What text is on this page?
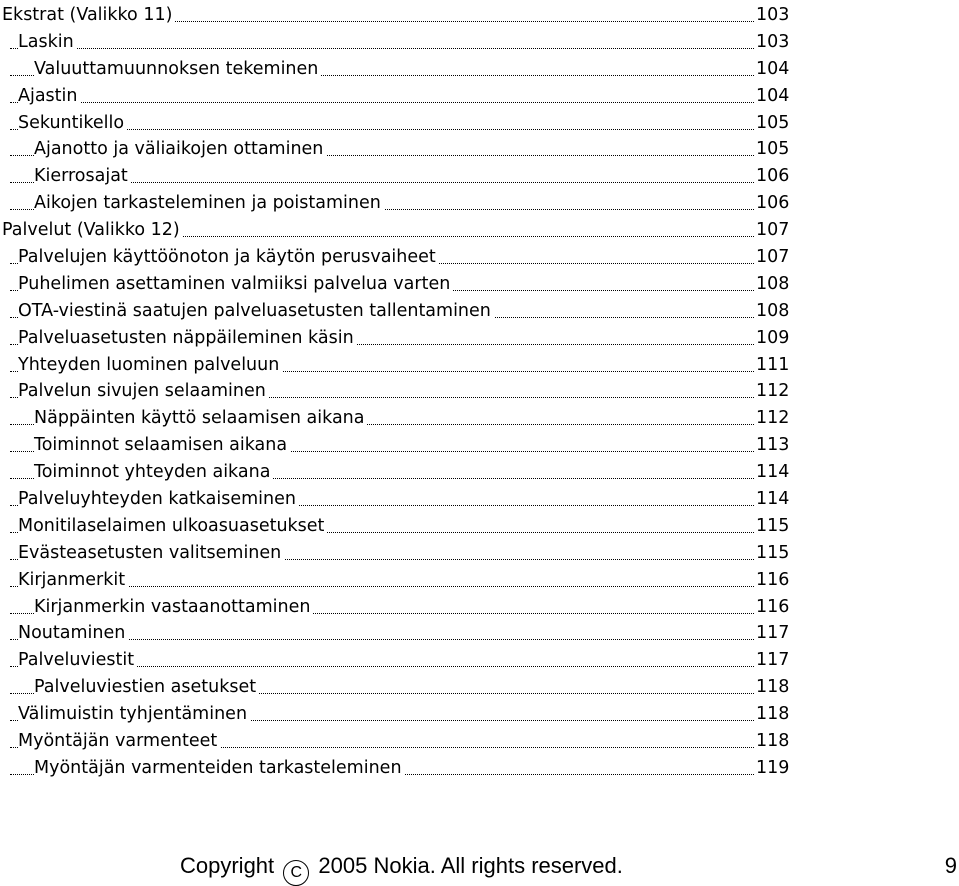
Ekstrat (Valikko 11)	103
Laskin	103
Valuuttamuunnoksen tekeminen	104
Ajastin	104
Sekuntikello	105
Ajanotto ja väliaikojen ottaminen	105
Kierrosajat	106
Aikojen tarkasteleminen ja poistaminen	106
Palvelut (Valikko 12)	107
Palvelujen käyttöönoton ja käytön perusvaiheet	107
Puhelimen asettaminen valmiiksi palvelua varten	108
OTA-viestinä saatujen palveluasetusten tallentaminen	108
Palveluasetusten näppäileminen käsin	109
Yhteyden luominen palveluun	111
Palvelun sivujen selaaminen	112
Näppäinten käyttö selaamisen aikana	112
Toiminnot selaamisen aikana	113
Toiminnot yhteyden aikana	114
Palveluyhteyden katkaiseminen	114
Monitilaselaimen ulkoasuasetukset	115
Evästeasetusten valitseminen	115
Kirjanmerkit	116
Kirjanmerkin vastaanottaminen	116
Noutaminen	117
Palveluviestit	117
Palveluviestien asetukset	118
Välimuistin tyhjentäminen	118
Myöntäjän varmenteet	118
Myöntäjän varmenteiden tarkasteleminen	119
Copyright C 2005 Nokia. All rights reserved.	9
